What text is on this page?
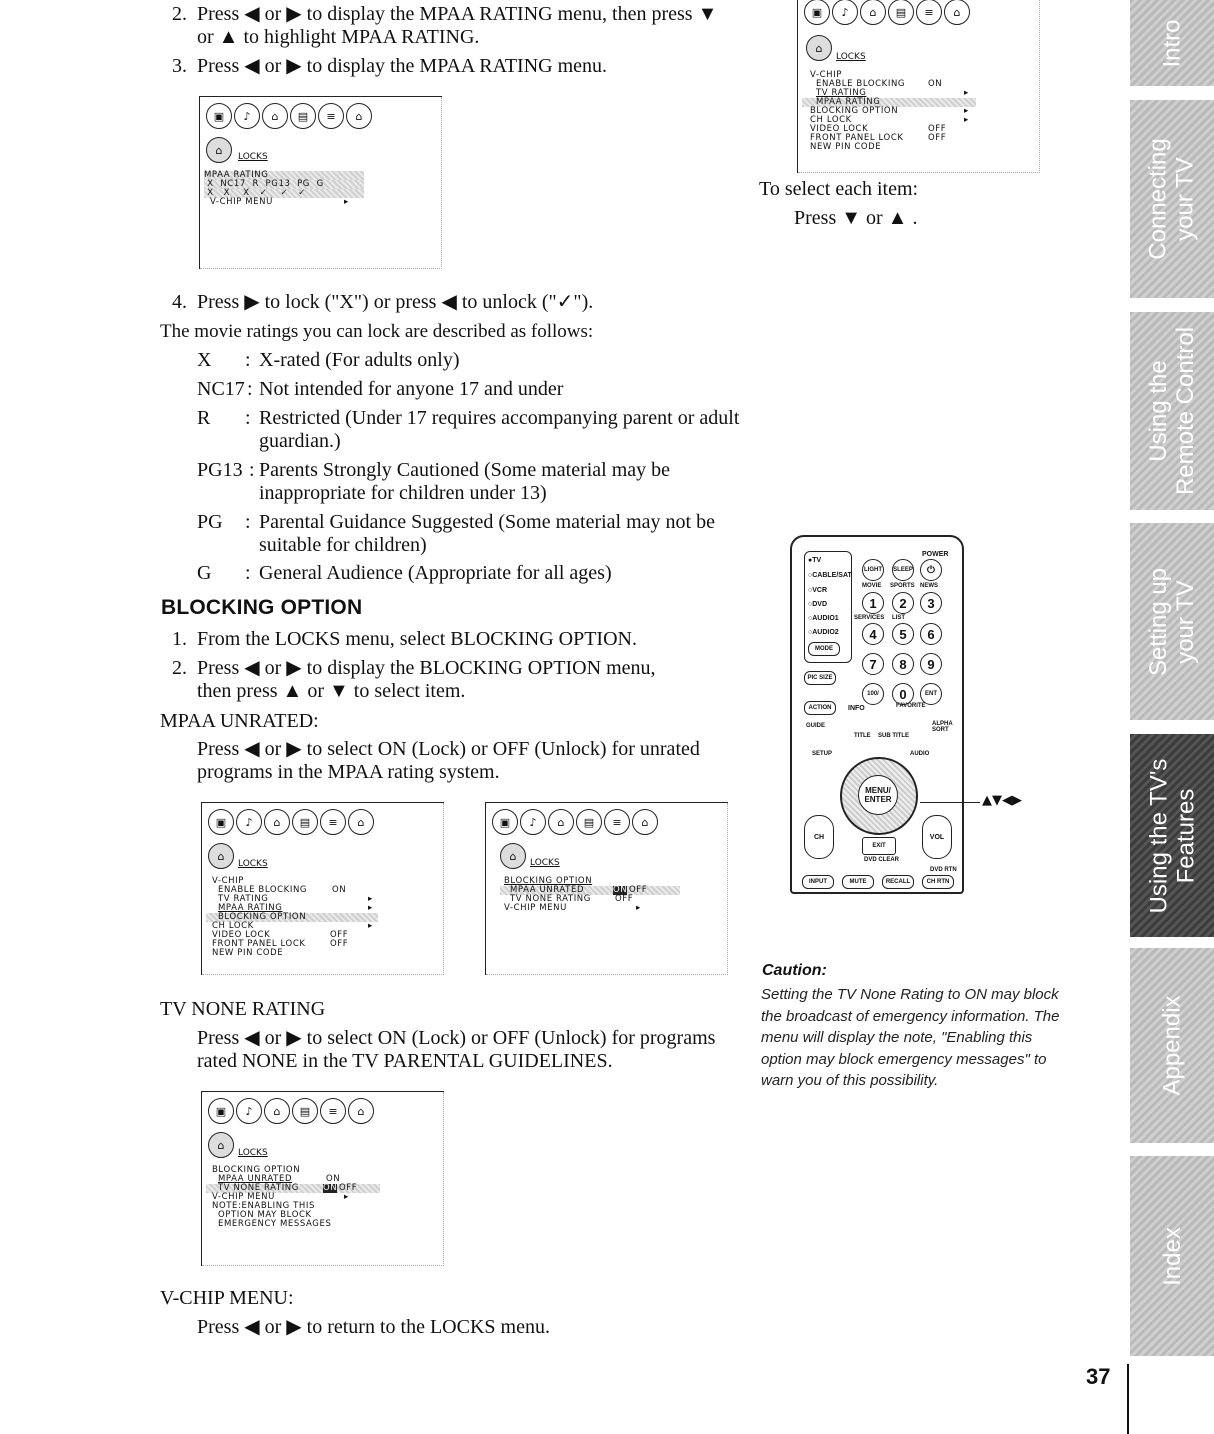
2. Press ◀ or ▶ to display the MPAA RATING menu, then press ▼
or ▲ to highlight MPAA RATING.
3. Press ◀ or ▶ to display the MPAA RATING menu.
▣	♪	⌂	▤	≡	⌂
⌂
LOCKS
MPAA RATING
X  NC17  R  PG13  PG  G
X   X    X   ✓    ✓   ✓
V-CHIP MENU	▸
4. Press ▶ to lock ("X") or press ◀ to unlock ("✓").
The movie ratings you can lock are described as follows:
X : X-rated (For adults only)
NC17 : Not intended for anyone 17 and under
R : Restricted (Under 17 requires accompanying parent or adult
guardian.)
PG13 : Parents Strongly Cautioned (Some material may be
inappropriate for children under 13)
PG : Parental Guidance Suggested (Some material may not be
suitable for children)
G : General Audience (Appropriate for all ages)
BLOCKING OPTION
1. From the LOCKS menu, select BLOCKING OPTION.
2. Press ◀ or ▶ to display the BLOCKING OPTION menu,
then press ▲ or ▼ to select item.
MPAA UNRATED:
Press ◀ or ▶ to select ON (Lock) or OFF (Unlock) for unrated
programs in the MPAA rating system.
▣	♪	⌂	▤	≡	⌂
⌂
LOCKS
V-CHIP
ENABLE BLOCKING	ON
TV RATING	▸
MPAA RATING	▸
BLOCKING OPTION
CH LOCK	▸
VIDEO LOCK	OFF
FRONT PANEL LOCK	OFF
NEW PIN CODE
▣	♪	⌂	▤	≡	⌂
⌂
LOCKS
BLOCKING OPTION
MPAA UNRATED	ON OFF
TV NONE RATING	OFF
V-CHIP MENU	▸
TV NONE RATING
Press ◀ or ▶ to select ON (Lock) or OFF (Unlock) for programs
rated NONE in the TV PARENTAL GUIDELINES.
▣	♪	⌂	▤	≡	⌂
⌂
LOCKS
BLOCKING OPTION
MPAA UNRATED	ON
TV NONE RATING	ON OFF
V-CHIP MENU	▸
NOTE:ENABLING THIS
OPTION MAY BLOCK
EMERGENCY MESSAGES
V-CHIP MENU:
Press ◀ or ▶ to return to the LOCKS menu.
▣	♪	⌂	▤	≡	⌂
⌂
LOCKS
V-CHIP
ENABLE BLOCKING	ON
TV RATING	▸
MPAA RATING
BLOCKING OPTION	▸
CH LOCK	▸
VIDEO LOCK	OFF
FRONT PANEL LOCK	OFF
NEW PIN CODE
To select each item:
Press ▼ or ▲ .
POWER
●TV
○CABLE/SAT
○VCR
○DVD
○AUDIO1
○AUDIO2
MODE
LIGHT	SLEEP	⏻
MOVIE SPORTS NEWS
1	2	3
SERVICES LIST
4	5	6
7	8	9
PIC SIZE
100/	0	ENT
ACTION	INFO	FAVORITE
GUIDE
TITLE SUB TITLE
ALPHA SORT
SETUP	AUDIO
MENU/ ENTER
CH	VOL
EXIT
DVD CLEAR
DVD RTN
INPUT	MUTE	RECALL	CH RTN
▲▼◀▶
Caution:
Setting the TV None Rating to ON may block
the broadcast of emergency information. The
menu will display the note, "Enabling this
option may block emergency messages" to
warn you of this possibility.
Intro
Connecting your TV
Using the Remote Control
Setting up your TV
Using the TV's Features
Appendix
Index
37
